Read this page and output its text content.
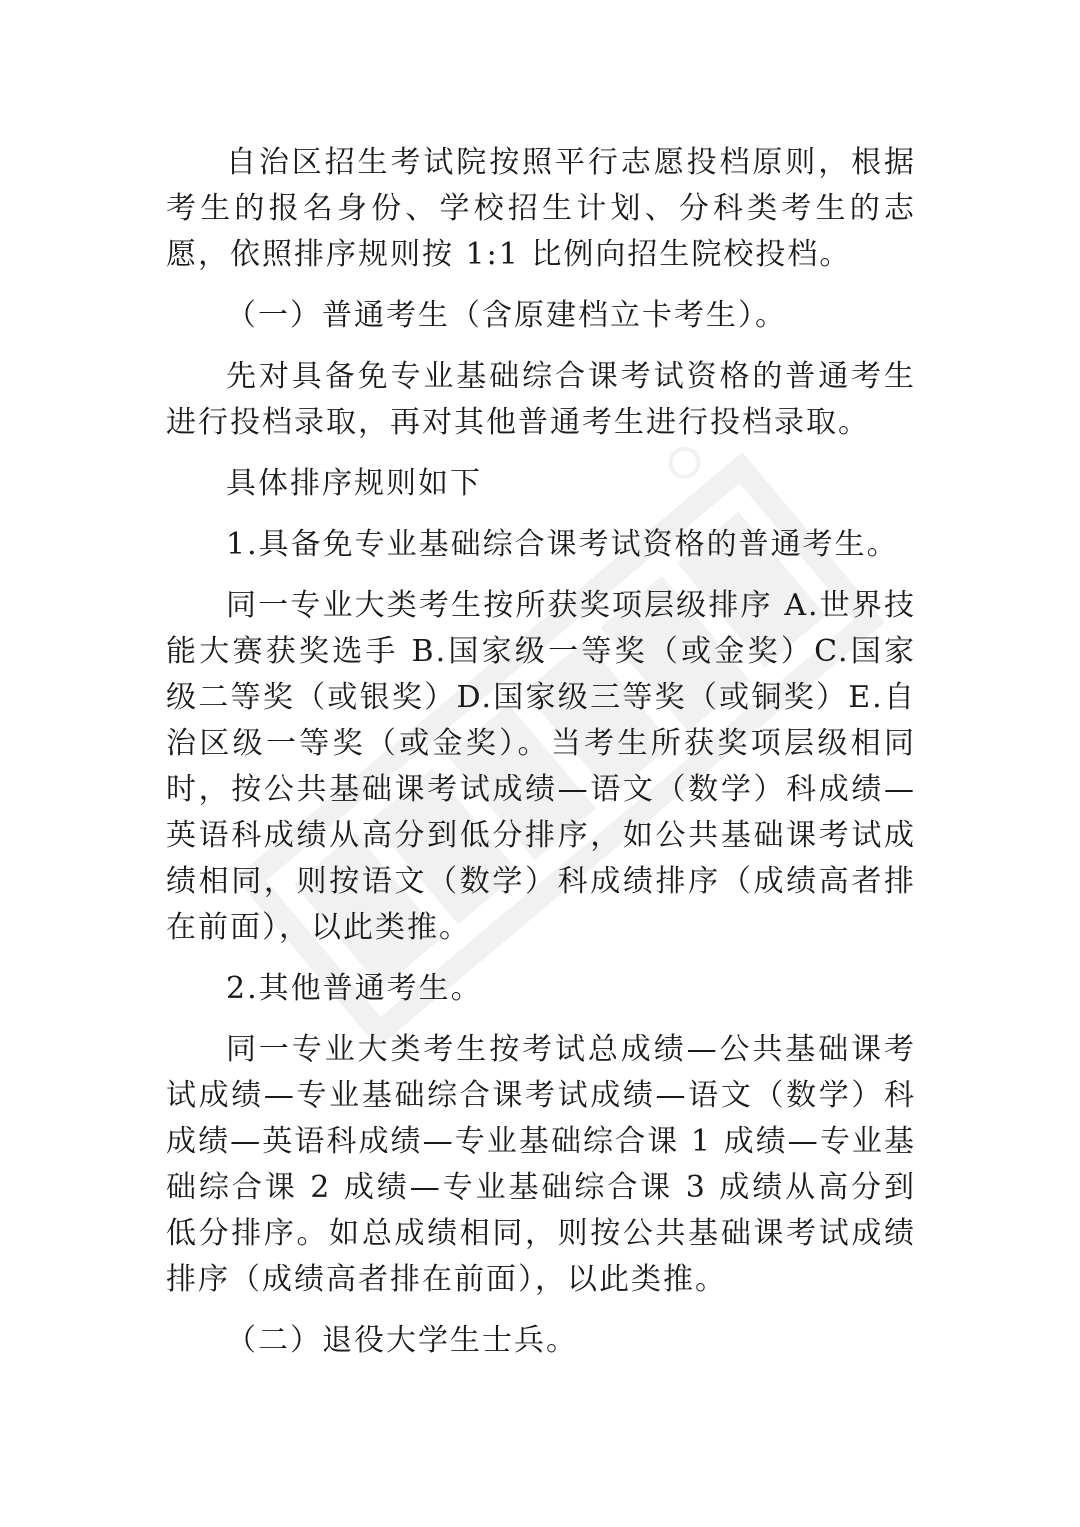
自治区招生考试院按照平行志愿投档原则，根据考生的报名身份、学校招生计划、分科类考生的志愿，依照排序规则按 1:1 比例向招生院校投档。

（一）普通考生（含原建档立卡考生）。

先对具备免专业基础综合课考试资格的普通考生进行投档录取，再对其他普通考生进行投档录取。

具体排序规则如下

1.具备免专业基础综合课考试资格的普通考生。

同一专业大类考生按所获奖项层级排序 A.世界技能大赛获奖选手 B.国家级一等奖（或金奖）C.国家级二等奖（或银奖）D.国家级三等奖（或铜奖）E.自治区级一等奖（或金奖）。当考生所获奖项层级相同时，按公共基础课考试成绩—语文（数学）科成绩—英语科成绩从高分到低分排序，如公共基础课考试成绩相同，则按语文（数学）科成绩排序（成绩高者排在前面），以此类推。

2.其他普通考生。

同一专业大类考生按考试总成绩—公共基础课考试成绩—专业基础综合课考试成绩—语文（数学）科成绩—英语科成绩—专业基础综合课 1 成绩—专业基础综合课 2 成绩—专业基础综合课 3 成绩从高分到低分排序。如总成绩相同，则按公共基础课考试成绩排序（成绩高者排在前面），以此类推。

（二）退役大学生士兵。
